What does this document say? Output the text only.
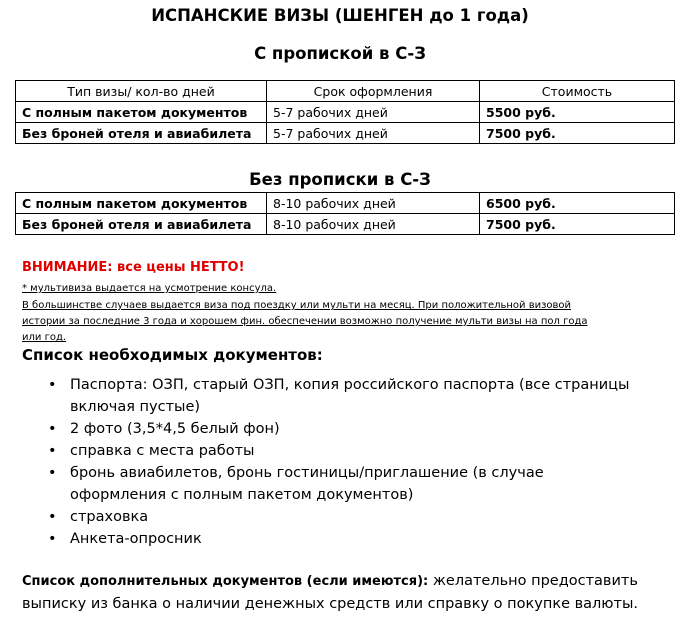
ИСПАНСКИЕ ВИЗЫ (ШЕНГЕН до 1 года)
С пропиской в С-З
Тип визы/ кол-во дней	Срок оформления	Стоимость
С полным пакетом документов	5-7 рабочих дней	5500 руб.
Без броней отеля и авиабилета	5-7 рабочих дней	7500 руб.
Без прописки в С-З
С полным пакетом документов	8-10 рабочих дней	6500 руб.
Без броней отеля и авиабилета	8-10 рабочих дней	7500 руб.
ВНИМАНИЕ: все цены НЕТТО!
* мультивиза выдается на усмотрение консула.
В большинстве случаев выдается виза под поездку или мульти на месяц. При положительной визовой
истории за последние 3 года и хорошем фин. обеспечении возможно получение мульти визы на пол года
или год.
Список необходимых документов:
• Паспорта: ОЗП, старый ОЗП, копия российского паспорта (все страницы включая пустые)
• 2 фото (3,5*4,5 белый фон)
• справка с места работы
• бронь авиабилетов, бронь гостиницы/приглашение (в случае оформления с полным пакетом документов)
• страховка
• Анкета-опросник
Список дополнительных документов (если имеются): желательно предоставить выписку из банка о наличии денежных средств или справку о покупке валюты.
